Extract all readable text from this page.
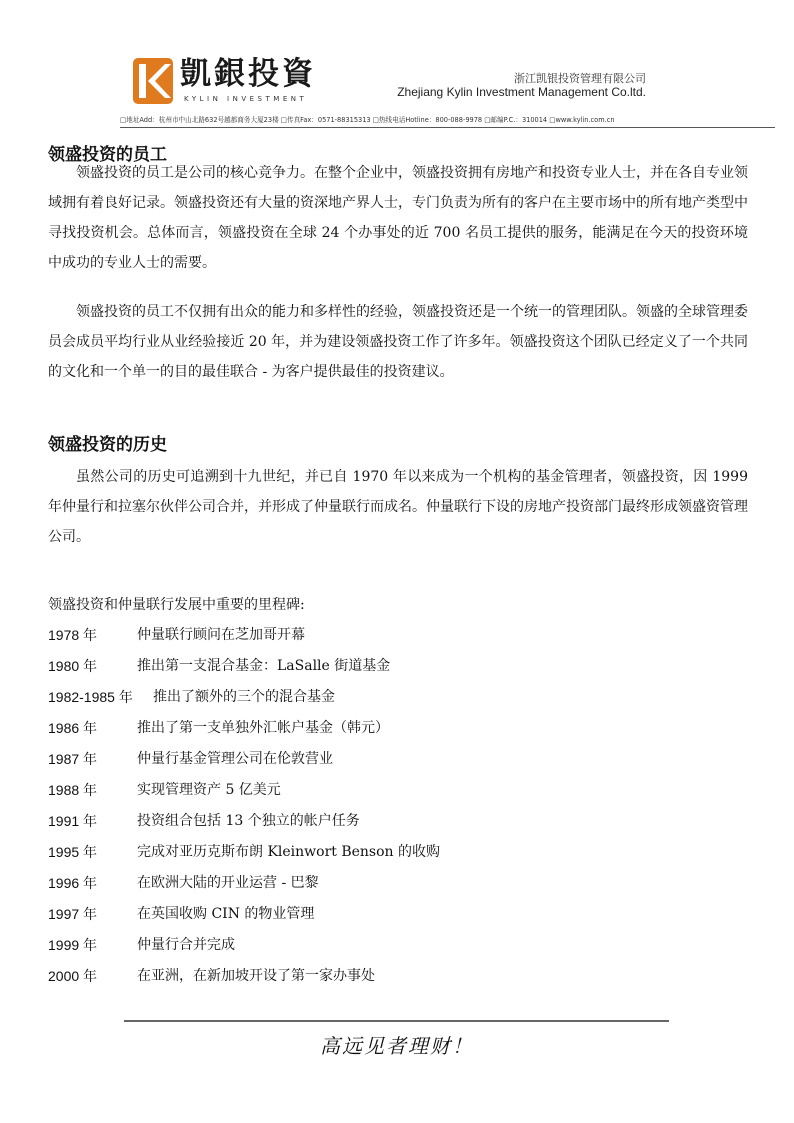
凱銀投資
KYLIN INVESTMENT
浙江凯银投资管理有限公司
Zhejiang Kylin Investment Management Co.ltd.
□地址Add：杭州市中山北路632号越都商务大厦23楼 □传真Fax：0571-88315313 □热线电话Hotline：800-088-9978 □邮编P.C.：310014 □www.kylin.com.cn
领盛投资的员工

领盛投资的员工是公司的核心竞争力。在整个企业中，领盛投资拥有房地产和投资专业人士，并在各自专业领域拥有着良好记录。领盛投资还有大量的资深地产界人士，专门负责为所有的客户在主要市场中的所有地产类型中寻找投资机会。总体而言，领盛投资在全球 24 个办事处的近 700 名员工提供的服务，能满足在今天的投资环境中成功的专业人士的需要。

领盛投资的员工不仅拥有出众的能力和多样性的经验，领盛投资还是一个统一的管理团队。领盛的全球管理委员会成员平均行业从业经验接近 20 年，并为建设领盛投资工作了许多年。领盛投资这个团队已经定义了一个共同的文化和一个单一的目的最佳联合 - 为客户提供最佳的投资建议。

领盛投资的历史

虽然公司的历史可追溯到十九世纪，并已自 1970 年以来成为一个机构的基金管理者，领盛投资，因 1999 年仲量行和拉塞尔伙伴公司合并，并形成了仲量联行而成名。仲量联行下设的房地产投资部门最终形成领盛资管理公司。

领盛投资和仲量联行发展中重要的里程碑:
1978 年	仲量联行顾问在芝加哥开幕
1980 年	推出第一支混合基金：LaSalle 街道基金
1982-1985 年	推出了额外的三个的混合基金
1986 年	推出了第一支单独外汇帐户基金（韩元）
1987 年	仲量行基金管理公司在伦敦营业
1988 年	实现管理资产 5 亿美元
1991 年	投资组合包括 13 个独立的帐户任务
1995 年	完成对亚历克斯布朗 Kleinwort Benson 的收购
1996 年	在欧洲大陆的开业运营 - 巴黎
1997 年	在英国收购 CIN 的物业管理
1999 年	仲量行合并完成
2000 年	在亚洲，在新加坡开设了第一家办事处
高远见者理财！
